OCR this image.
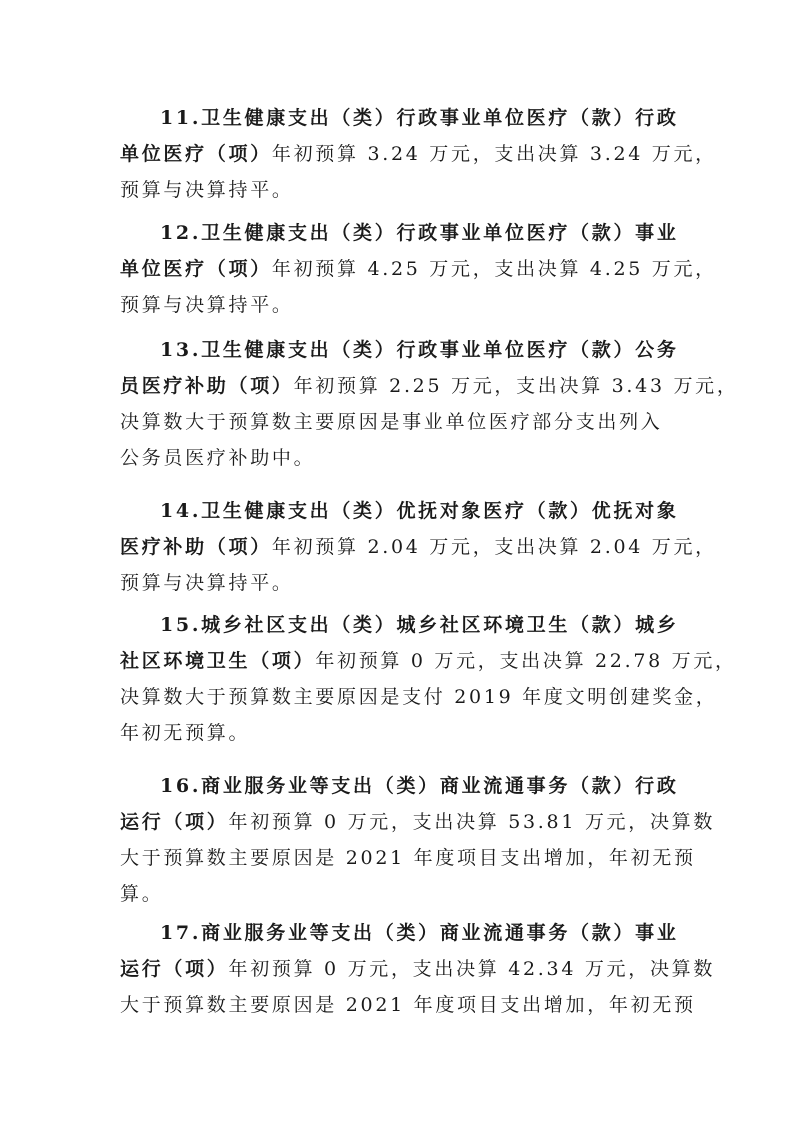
11.卫生健康支出（类）行政事业单位医疗（款）行政
单位医疗（项）年初预算 3.24 万元，支出决算 3.24 万元，
预算与决算持平。
12.卫生健康支出（类）行政事业单位医疗（款）事业
单位医疗（项）年初预算 4.25 万元，支出决算 4.25 万元，
预算与决算持平。
13.卫生健康支出（类）行政事业单位医疗（款）公务
员医疗补助（项）年初预算 2.25 万元，支出决算 3.43 万元，
决算数大于预算数主要原因是事业单位医疗部分支出列入
公务员医疗补助中。
14.卫生健康支出（类）优抚对象医疗（款）优抚对象
医疗补助（项）年初预算 2.04 万元，支出决算 2.04 万元，
预算与决算持平。
15.城乡社区支出（类）城乡社区环境卫生（款）城乡
社区环境卫生（项）年初预算 0 万元，支出决算 22.78 万元，
决算数大于预算数主要原因是支付 2019 年度文明创建奖金，
年初无预算。
16.商业服务业等支出（类）商业流通事务（款）行政
运行（项）年初预算 0 万元，支出决算 53.81 万元，决算数
大于预算数主要原因是 2021 年度项目支出增加，年初无预
算。
17.商业服务业等支出（类）商业流通事务（款）事业
运行（项）年初预算 0 万元，支出决算 42.34 万元，决算数
大于预算数主要原因是 2021 年度项目支出增加，年初无预
